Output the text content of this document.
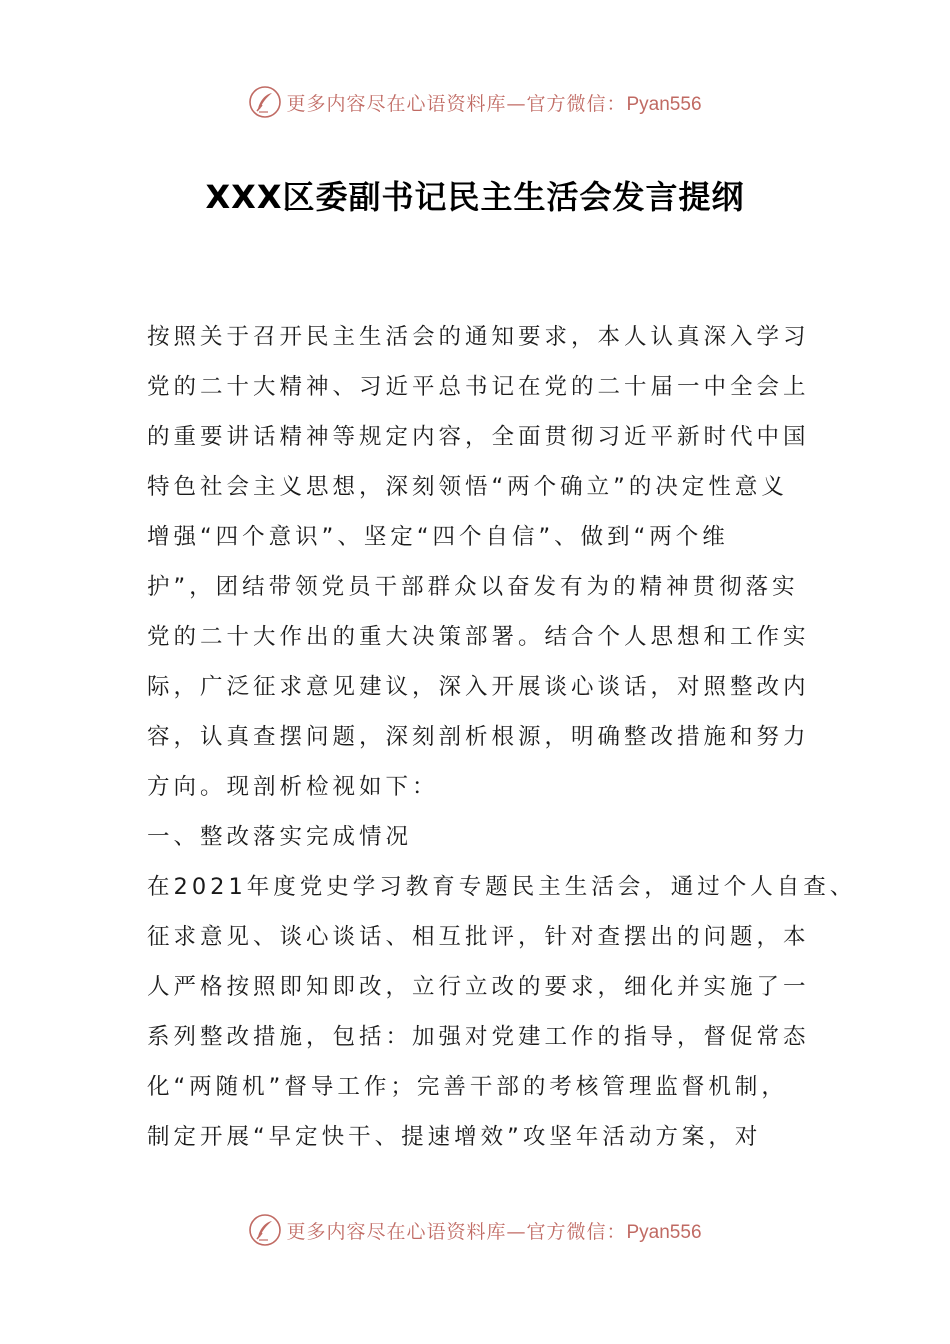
更多内容尽在心语资料库—官方微信：Pyan556
XXX区委副书记民主生活会发言提纲
按照关于召开民主生活会的通知要求，本人认真深入学习
党的二十大精神、习近平总书记在党的二十届一中全会上
的重要讲话精神等规定内容，全面贯彻习近平新时代中国
特色社会主义思想，深刻领悟“两个确立”的决定性意义
增强“四个意识”、坚定“四个自信”、做到“两个维
护”，团结带领党员干部群众以奋发有为的精神贯彻落实
党的二十大作出的重大决策部署。结合个人思想和工作实
际，广泛征求意见建议，深入开展谈心谈话，对照整改内
容，认真查摆问题，深刻剖析根源，明确整改措施和努力
方向。现剖析检视如下：
一、整改落实完成情况
在2021年度党史学习教育专题民主生活会，通过个人自查、
征求意见、谈心谈话、相互批评，针对查摆出的问题，本
人严格按照即知即改，立行立改的要求，细化并实施了一
系列整改措施，包括：加强对党建工作的指导，督促常态
化“两随机”督导工作；完善干部的考核管理监督机制，
制定开展“早定快干、提速增效”攻坚年活动方案，对
更多内容尽在心语资料库—官方微信：Pyan556
